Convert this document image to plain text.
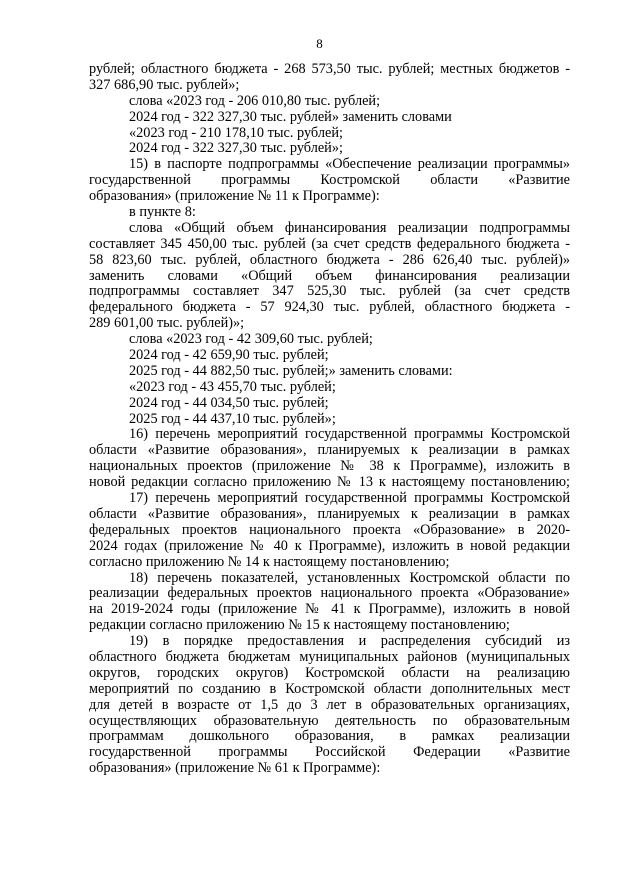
8
рублей; областного бюджета - 268 573,50 тыс. рублей; местных бюджетов -
327 686,90 тыс. рублей»;
слова «2023 год - 206 010,80 тыс. рублей;
2024 год - 322 327,30 тыс. рублей» заменить словами
«2023 год - 210 178,10 тыс. рублей;
2024 год - 322 327,30 тыс. рублей»;
15) в паспорте подпрограммы «Обеспечение реализации программы»
государственной программы Костромской области «Развитие
образования» (приложение № 11 к Программе):
в пункте 8:
слова «Общий объем финансирования реализации подпрограммы
составляет 345 450,00 тыс. рублей (за счет средств федерального бюджета -
58 823,60 тыс. рублей, областного бюджета - 286 626,40 тыс. рублей)»
заменить словами «Общий объем финансирования реализации
подпрограммы составляет 347 525,30 тыс. рублей (за счет средств
федерального бюджета - 57 924,30 тыс. рублей, областного бюджета -
289 601,00 тыс. рублей)»;
слова «2023 год - 42 309,60 тыс. рублей;
2024 год - 42 659,90 тыс. рублей;
2025 год - 44 882,50 тыс. рублей;» заменить словами:
«2023 год - 43 455,70 тыс. рублей;
2024 год - 44 034,50 тыс. рублей;
2025 год - 44 437,10 тыс. рублей»;
16) перечень мероприятий государственной программы Костромской
области «Развитие образования», планируемых к реализации в рамках
национальных проектов (приложение № 38 к Программе), изложить в
новой редакции согласно приложению № 13 к настоящему постановлению;
17) перечень мероприятий государственной программы Костромской
области «Развитие образования», планируемых к реализации в рамках
федеральных проектов национального проекта «Образование» в 2020-
2024 годах (приложение № 40 к Программе), изложить в новой редакции
согласно приложению № 14 к настоящему постановлению;
18) перечень показателей, установленных Костромской области по
реализации федеральных проектов национального проекта «Образование»
на 2019-2024 годы (приложение № 41 к Программе), изложить в новой
редакции согласно приложению № 15 к настоящему постановлению;
19) в порядке предоставления и распределения субсидий из
областного бюджета бюджетам муниципальных районов (муниципальных
округов, городских округов) Костромской области на реализацию
мероприятий по созданию в Костромской области дополнительных мест
для детей в возрасте от 1,5 до 3 лет в образовательных организациях,
осуществляющих образовательную деятельность по образовательным
программам дошкольного образования, в рамках реализации
государственной программы Российской Федерации «Развитие
образования» (приложение № 61 к Программе):
